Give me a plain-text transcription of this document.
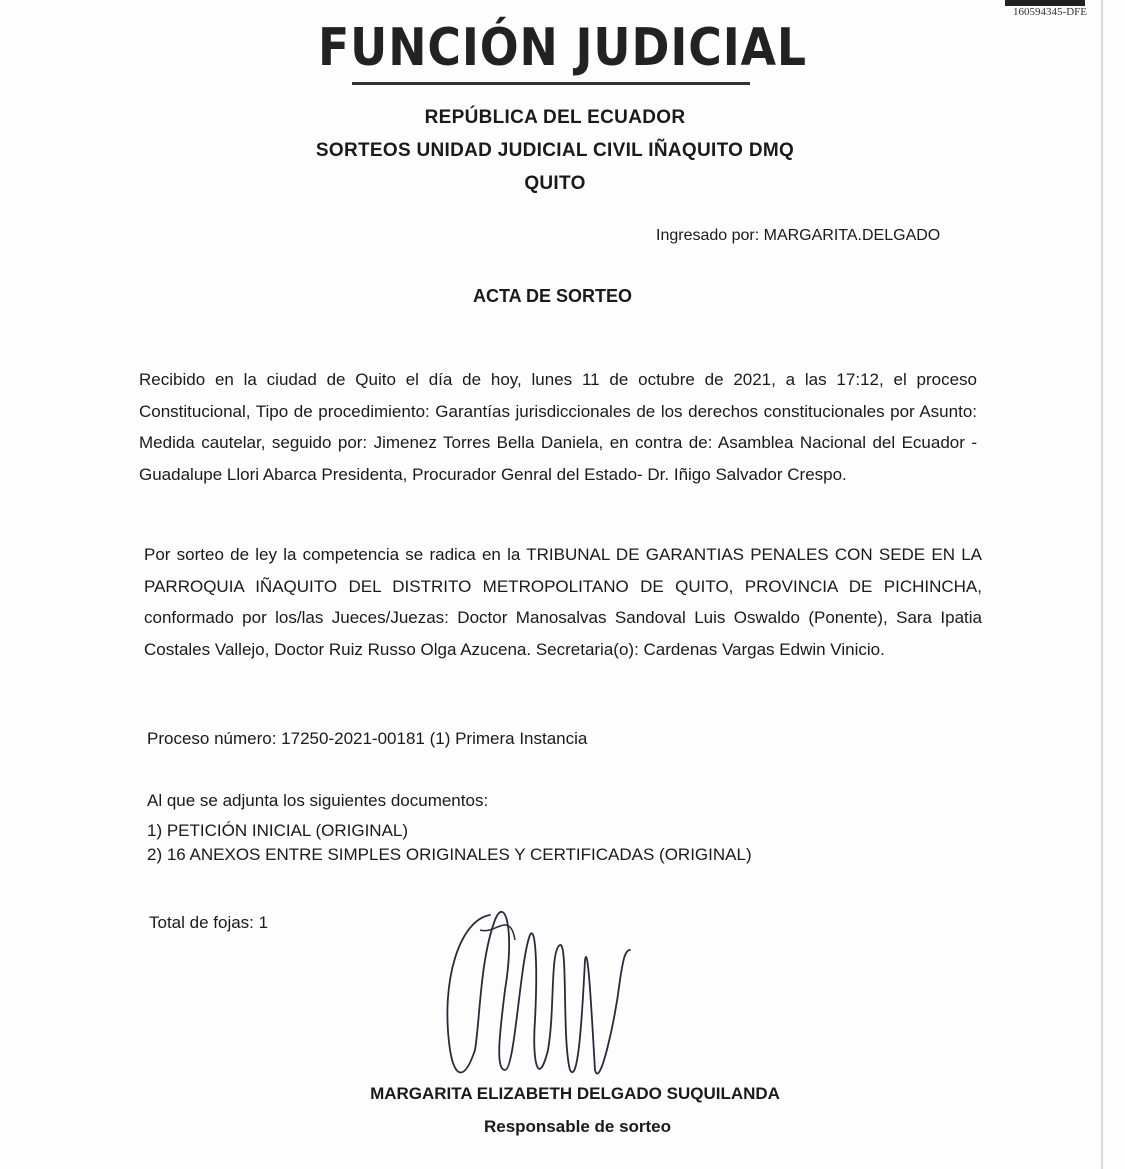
160594345-DFE
FUNCIÓN JUDICIAL
REPÚBLICA DEL ECUADOR
SORTEOS UNIDAD JUDICIAL CIVIL IÑAQUITO DMQ
QUITO
Ingresado por: MARGARITA.DELGADO
ACTA DE SORTEO

Recibido en la ciudad de Quito el día de hoy, lunes 11 de octubre de 2021, a las 17:12, el proceso Constitucional, Tipo de procedimiento: Garantías jurisdiccionales de los derechos constitucionales por Asunto: Medida cautelar, seguido por: Jimenez Torres Bella Daniela, en contra de: Asamblea Nacional del Ecuador - Guadalupe Llori Abarca Presidenta, Procurador Genral del Estado- Dr. Iñigo Salvador Crespo.

Por sorteo de ley la competencia se radica en la TRIBUNAL DE GARANTIAS PENALES CON SEDE EN LA PARROQUIA IÑAQUITO DEL DISTRITO METROPOLITANO DE QUITO, PROVINCIA DE PICHINCHA, conformado por los/las Jueces/Juezas: Doctor Manosalvas Sandoval Luis Oswaldo (Ponente), Sara Ipatia Costales Vallejo, Doctor Ruiz Russo Olga Azucena. Secretaria(o): Cardenas Vargas Edwin Vinicio.

Proceso número: 17250-2021-00181 (1) Primera Instancia
Al que se adjunta los siguientes documentos:
1) PETICIÓN INICIAL (ORIGINAL)
2) 16 ANEXOS ENTRE SIMPLES ORIGINALES Y CERTIFICADAS (ORIGINAL)
Total de fojas: 1
MARGARITA ELIZABETH DELGADO SUQUILANDA
Responsable de sorteo
